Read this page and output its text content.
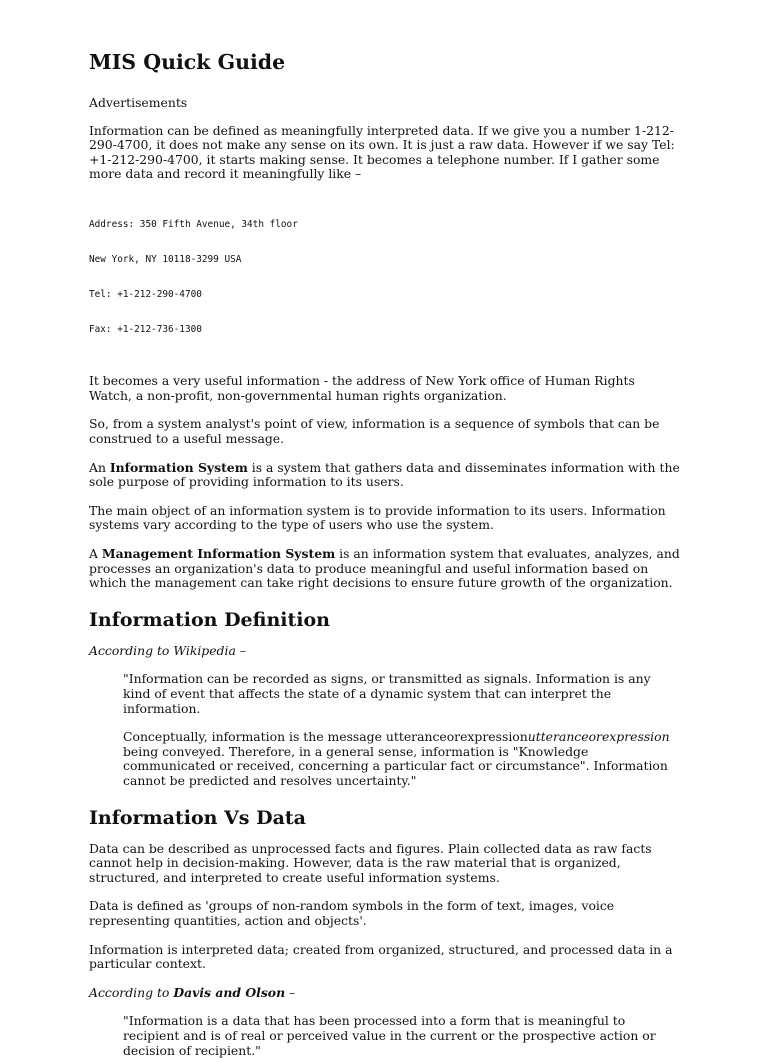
MIS Quick Guide

Advertisements

Information can be defined as meaningfully interpreted data. If we give you a number 1-212-290-4700, it does not make any sense on its own. It is just a raw data. However if we say Tel: +1-212-290-4700, it starts making sense. It becomes a telephone number. If I gather some more data and record it meaningfully like –

Address: 350 Fifth Avenue, 34th floor

New York, NY 10118-3299 USA

Tel: +1-212-290-4700

Fax: +1-212-736-1300

It becomes a very useful information - the address of New York office of Human Rights Watch, a non-profit, non-governmental human rights organization.

So, from a system analyst's point of view, information is a sequence of symbols that can be construed to a useful message.

An Information System is a system that gathers data and disseminates information with the sole purpose of providing information to its users.

The main object of an information system is to provide information to its users. Information systems vary according to the type of users who use the system.

A Management Information System is an information system that evaluates, analyzes, and processes an organization's data to produce meaningful and useful information based on which the management can take right decisions to ensure future growth of the organization.

Information Definition

According to Wikipedia –

"Information can be recorded as signs, or transmitted as signals. Information is any kind of event that affects the state of a dynamic system that can interpret the information.

Conceptually, information is the message utteranceorexpressionutteranceorexpression being conveyed. Therefore, in a general sense, information is "Knowledge communicated or received, concerning a particular fact or circumstance". Information cannot be predicted and resolves uncertainty."

Information Vs Data

Data can be described as unprocessed facts and figures. Plain collected data as raw facts cannot help in decision-making. However, data is the raw material that is organized, structured, and interpreted to create useful information systems.

Data is defined as 'groups of non-random symbols in the form of text, images, voice representing quantities, action and objects'.

Information is interpreted data; created from organized, structured, and processed data in a particular context.

According to Davis and Olson –

"Information is a data that has been processed into a form that is meaningful to recipient and is of real or perceived value in the current or the prospective action or decision of recipient."
